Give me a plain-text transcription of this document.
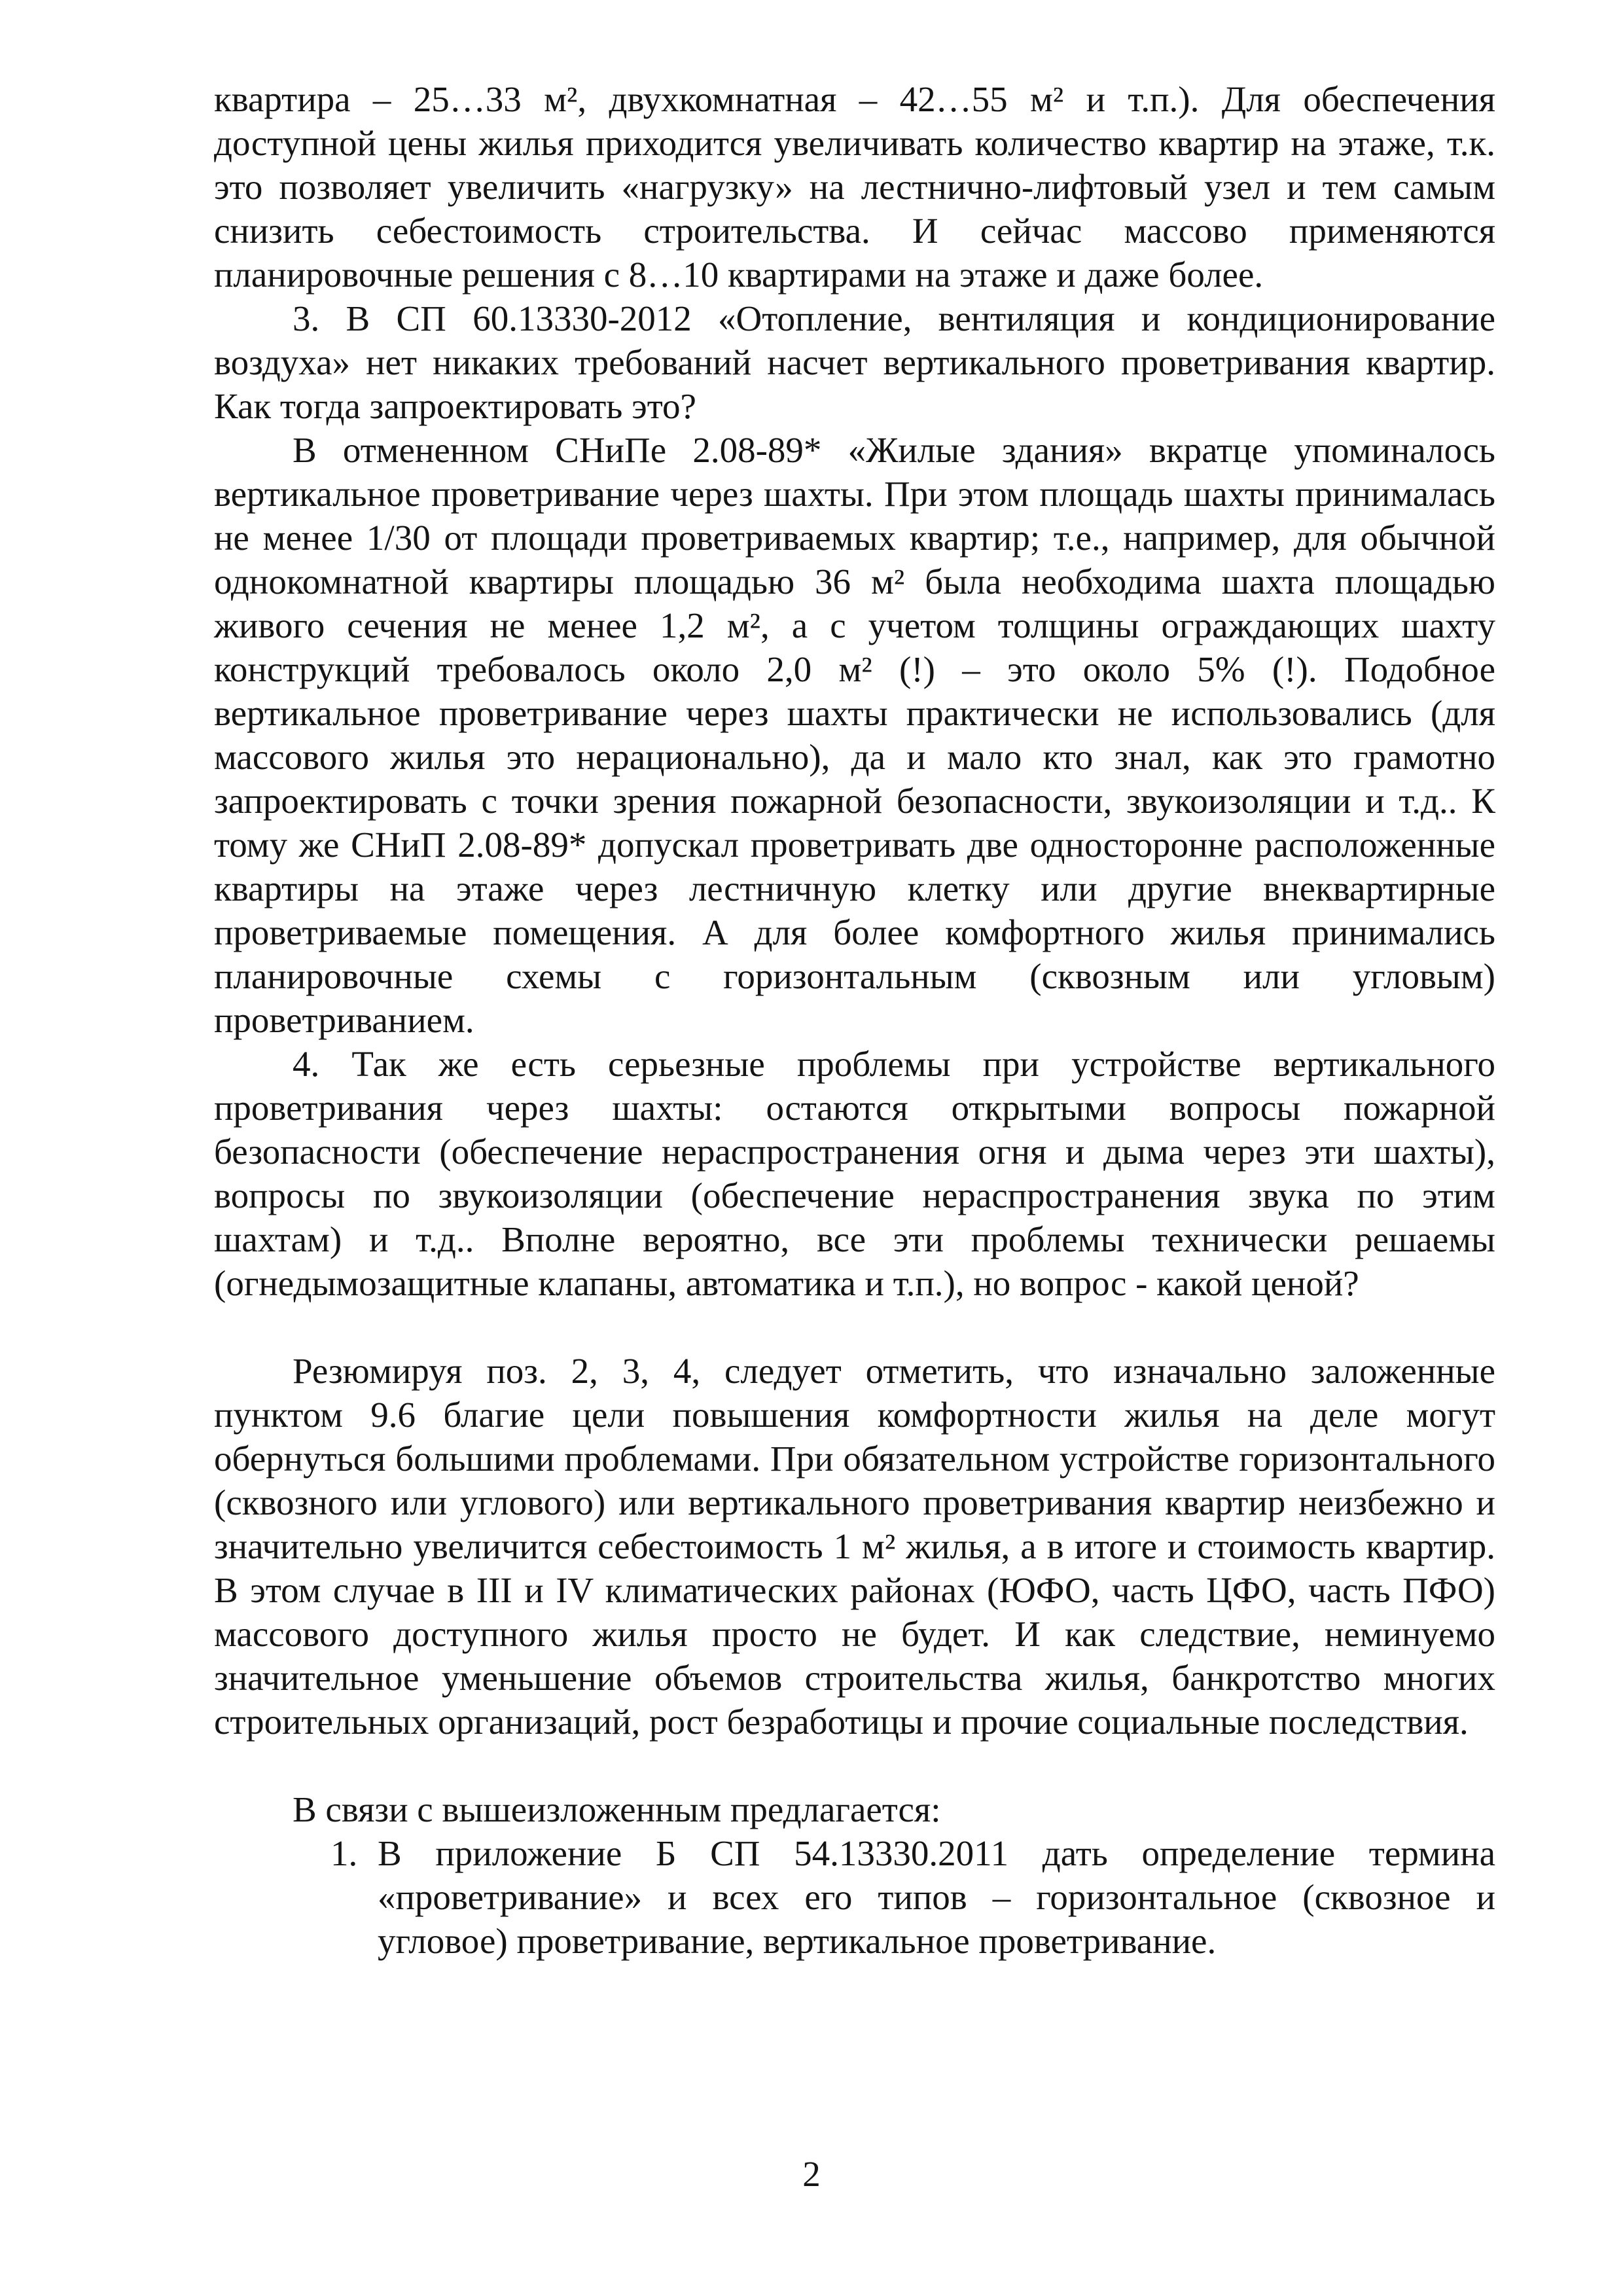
квартира – 25…33 м², двухкомнатная – 42…55 м² и т.п.). Для обеспечения доступной цены жилья приходится увеличивать количество квартир на этаже, т.к. это позволяет увеличить «нагрузку» на лестнично-лифтовый узел и тем самым снизить себестоимость строительства. И сейчас массово применяются планировочные решения с 8…10 квартирами на этаже и даже более.

3. В СП 60.13330-2012 «Отопление, вентиляция и кондиционирование воздуха» нет никаких требований насчет вертикального проветривания квартир. Как тогда запроектировать это?

В отмененном СНиПе 2.08-89* «Жилые здания» вкратце упоминалось вертикальное проветривание через шахты. При этом площадь шахты принималась не менее 1/30 от площади проветриваемых квартир; т.е., например, для обычной однокомнатной квартиры площадью 36 м² была необходима шахта площадью живого сечения не менее 1,2 м², а с учетом толщины ограждающих шахту конструкций требовалось около 2,0 м² (!) – это около 5% (!). Подобное вертикальное проветривание через шахты практически не использовались (для массового жилья это нерационально), да и мало кто знал, как это грамотно запроектировать с точки зрения пожарной безопасности, звукоизоляции и т.д.. К тому же СНиП 2.08-89* допускал проветривать две односторонне расположенные квартиры на этаже через лестничную клетку или другие внеквартирные проветриваемые помещения. А для более комфортного жилья принимались планировочные схемы с горизонтальным (сквозным или угловым) проветриванием.

4. Так же есть серьезные проблемы при устройстве вертикального проветривания через шахты: остаются открытыми вопросы пожарной безопасности (обеспечение нераспространения огня и дыма через эти шахты), вопросы по звукоизоляции (обеспечение нераспространения звука по этим шахтам) и т.д.. Вполне вероятно, все эти проблемы технически решаемы (огнедымозащитные клапаны, автоматика и т.п.), но вопрос - какой ценой?

Резюмируя поз. 2, 3, 4, следует отметить, что изначально заложенные пунктом 9.6 благие цели повышения комфортности жилья на деле могут обернуться большими проблемами. При обязательном устройстве горизонтального (сквозного или углового) или вертикального проветривания квартир неизбежно и значительно увеличится себестоимость 1 м² жилья, а в итоге и стоимость квартир. В этом случае в III и IV климатических районах (ЮФО, часть ЦФО, часть ПФО) массового доступного жилья просто не будет. И как следствие, неминуемо значительное уменьшение объемов строительства жилья, банкротство многих строительных организаций, рост безработицы и прочие социальные последствия.

В связи с вышеизложенным предлагается:

1. В приложение Б СП 54.13330.2011 дать определение термина «проветривание» и всех его типов – горизонтальное (сквозное и угловое) проветривание, вертикальное проветривание.
2
